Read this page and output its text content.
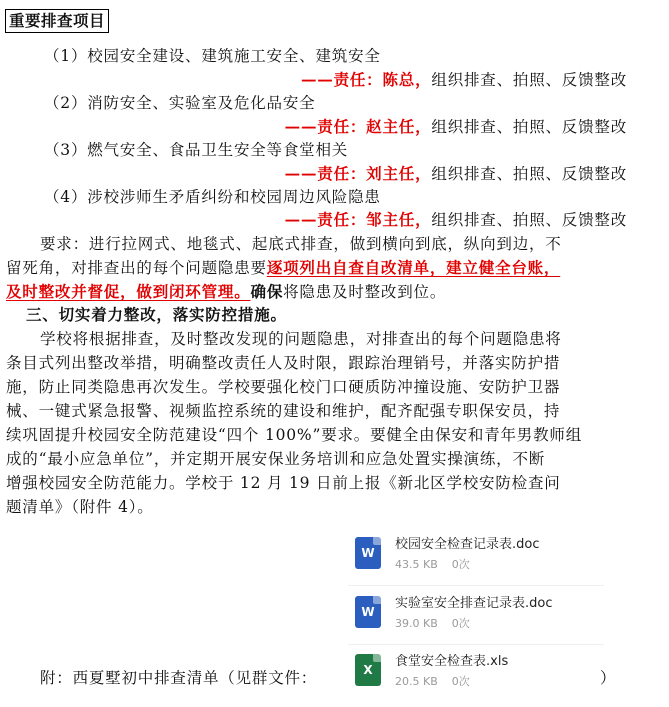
重要排查项目
（1）校园安全建设、建筑施工安全、建筑安全
——责任：陈总，组织排查、拍照、反馈整改
（2）消防安全、实验室及危化品安全
——责任：赵主任，组织排查、拍照、反馈整改
（3）燃气安全、食品卫生安全等食堂相关
——责任：刘主任，组织排查、拍照、反馈整改
（4）涉校涉师生矛盾纠纷和校园周边风险隐患
——责任：邹主任，组织排查、拍照、反馈整改
要求：进行拉网式、地毯式、起底式排查，做到横向到底，纵向到边，不
留死角，对排查出的每个问题隐患要逐项列出自查自改清单，建立健全台账，
及时整改并督促，做到闭环管理。确保将隐患及时整改到位。
三、切实着力整改，落实防控措施。
学校将根据排查，及时整改发现的问题隐患，对排查出的每个问题隐患将
条目式列出整改举措，明确整改责任人及时限，跟踪治理销号，并落实防护措
施，防止同类隐患再次发生。学校要强化校门口硬质防冲撞设施、安防护卫器
械、一键式紧急报警、视频监控系统的建设和维护，配齐配强专职保安员，持
续巩固提升校园安全防范建设“四个 100%”要求。要健全由保安和青年男教师组
成的“最小应急单位”，并定期开展安保业务培训和应急处置实操演练，不断
增强校园安全防范能力。学校于 12 月 19 日前上报《新北区学校安防检查问
题清单》（附件 4）。
W
校园安全检查记录表.doc
43.5 KB 0次
W
实验室安全排查记录表.doc
39.0 KB 0次
附：西夏墅初中排查清单（见群文件：	X
食堂安全检查表.xls
20.5 KB 0次	）
